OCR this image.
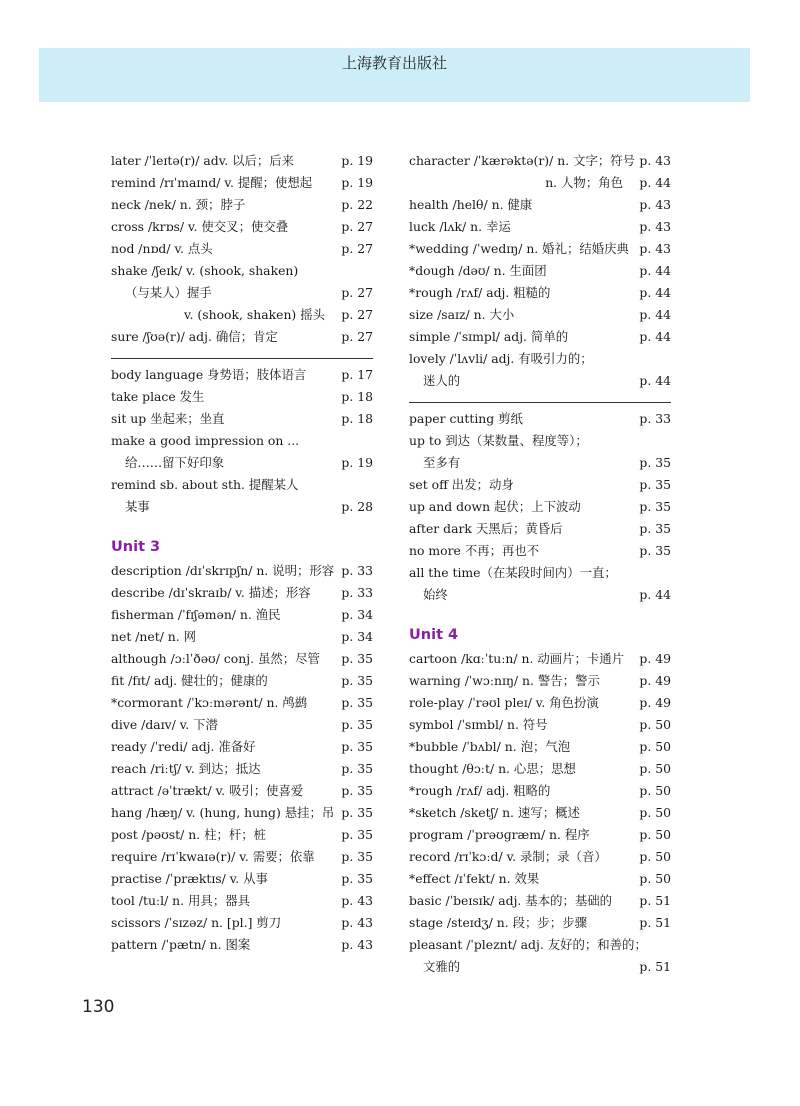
上海教育出版社
later /ˈleɪtə(r)/ adv. 以后；后来	p. 19
remind /rɪˈmaɪnd/ v. 提醒；使想起 p. 19
neck /nek/ n. 颈；脖子	p. 22
cross /krɒs/ v. 使交叉；使交叠	p. 27
nod /nɒd/ v. 点头	p. 27
shake /ʃeɪk/ v. (shook, shaken)
（与某人）握手	p. 27
v. (shook, shaken) 摇头 p. 27
sure /ʃʊə(r)/ adj. 确信；肯定	p. 27
body language 身势语；肢体语言	p. 17
take place 发生	p. 18
sit up 坐起来；坐直	p. 18
make a good impression on ...
给……留下好印象	p. 19
remind sb. about sth. 提醒某人
某事	p. 28
Unit 3
description /dɪˈskrɪpʃn/ n. 说明；形容 p. 33
describe /dɪˈskraɪb/ v. 描述；形容 p. 33
fisherman /ˈfɪʃəmən/ n. 渔民	p. 34
net /net/ n. 网	p. 34
although /ɔːlˈðəʊ/ conj. 虽然；尽管 p. 35
fit /fɪt/ adj. 健壮的；健康的	p. 35
*cormorant /ˈkɔːmərənt/ n. 鸬鹚	p. 35
dive /daɪv/ v. 下潜	p. 35
ready /ˈredi/ adj. 准备好	p. 35
reach /riːtʃ/ v. 到达；抵达	p. 35
attract /əˈtrækt/ v. 吸引；使喜爱	p. 35
hang /hæŋ/ v. (hung, hung) 悬挂；吊 p. 35
post /pəʊst/ n. 柱；杆；桩	p. 35
require /rɪˈkwaɪə(r)/ v. 需要；依靠 p. 35
practise /ˈpræktɪs/ v. 从事	p. 35
tool /tuːl/ n. 用具；器具	p. 43
scissors /ˈsɪzəz/ n. [pl.] 剪刀	p. 43
pattern /ˈpætn/ n. 图案	p. 43
character /ˈkærəktə(r)/ n. 文字；符号 p. 43
n. 人物；角色 p. 44
health /helθ/ n. 健康	p. 43
luck /lʌk/ n. 幸运	p. 43
*wedding /ˈwedɪŋ/ n. 婚礼；结婚庆典 p. 43
*dough /dəʊ/ n. 生面团	p. 44
*rough /rʌf/ adj. 粗糙的	p. 44
size /saɪz/ n. 大小	p. 44
simple /ˈsɪmpl/ adj. 简单的	p. 44
lovely /ˈlʌvli/ adj. 有吸引力的；
迷人的	p. 44
paper cutting 剪纸	p. 33
up to 到达（某数量、程度等）；
至多有	p. 35
set off 出发；动身	p. 35
up and down 起伏；上下波动	p. 35
after dark 天黑后；黄昏后	p. 35
no more 不再；再也不	p. 35
all the time（在某段时间内）一直；
始终	p. 44
Unit 4
cartoon /kɑːˈtuːn/ n. 动画片；卡通片 p. 49
warning /ˈwɔːnɪŋ/ n. 警告；警示	p. 49
role-play /ˈrəʊl pleɪ/ v. 角色扮演	p. 49
symbol /ˈsɪmbl/ n. 符号	p. 50
*bubble /ˈbʌbl/ n. 泡；气泡	p. 50
thought /θɔːt/ n. 心思；思想	p. 50
*rough /rʌf/ adj. 粗略的	p. 50
*sketch /sketʃ/ n. 速写；概述	p. 50
program /ˈprəʊɡræm/ n. 程序	p. 50
record /rɪˈkɔːd/ v. 录制；录（音）	p. 50
*effect /ɪˈfekt/ n. 效果	p. 50
basic /ˈbeɪsɪk/ adj. 基本的；基础的 p. 51
stage /steɪdʒ/ n. 段；步；步骤	p. 51
pleasant /ˈpleznt/ adj. 友好的；和善的；
文雅的	p. 51
130
